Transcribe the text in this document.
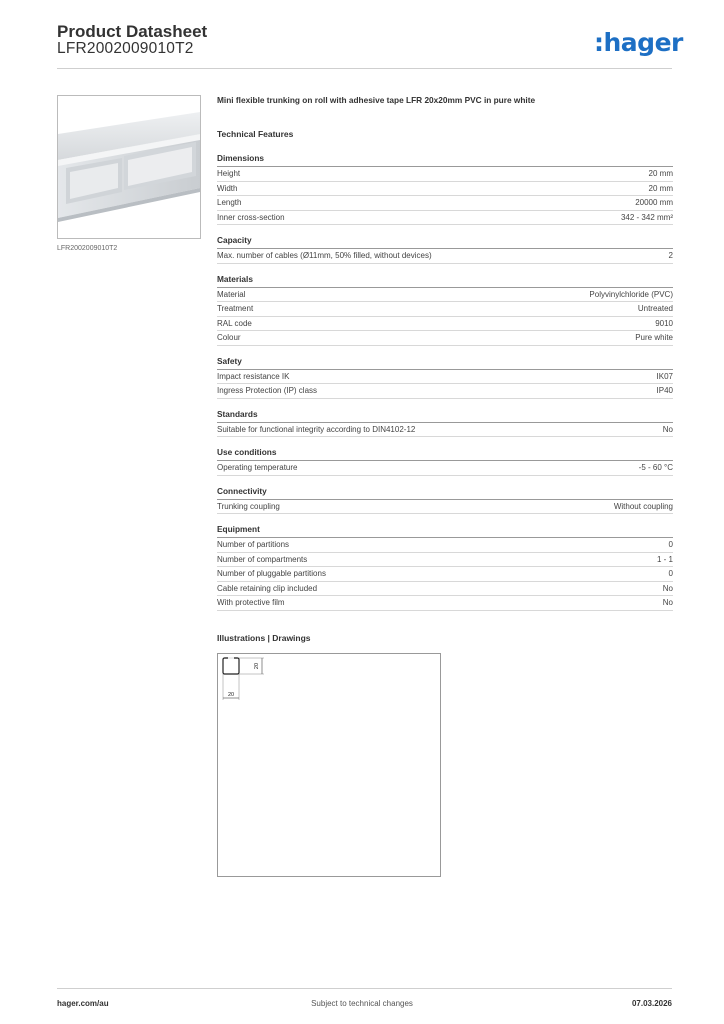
Product Datasheet
LFR2002009010T2	:hager
LFR2002009010T2
Mini flexible trunking on roll with adhesive tape LFR 20x20mm PVC in pure white
Technical Features
Dimensions
Height	20 mm
Width	20 mm
Length	20000 mm
Inner cross-section	342 - 342 mm²
Capacity
Max. number of cables (Ø11mm, 50% filled, without devices)	2
Materials
Material	Polyvinylchloride (PVC)
Treatment	Untreated
RAL code	9010
Colour	Pure white
Safety
Impact resistance IK	IK07
Ingress Protection (IP) class	IP40
Standards
Suitable for functional integrity according to DIN4102-12	No
Use conditions
Operating temperature	-5 - 60 °C
Connectivity
Trunking coupling	Without coupling
Equipment
Number of partitions	0
Number of compartments	1 - 1
Number of pluggable partitions	0
Cable retaining clip included	No
With protective film	No
Illustrations | Drawings
20
20
hager.com/au	Subject to technical changes	07.03.2026
